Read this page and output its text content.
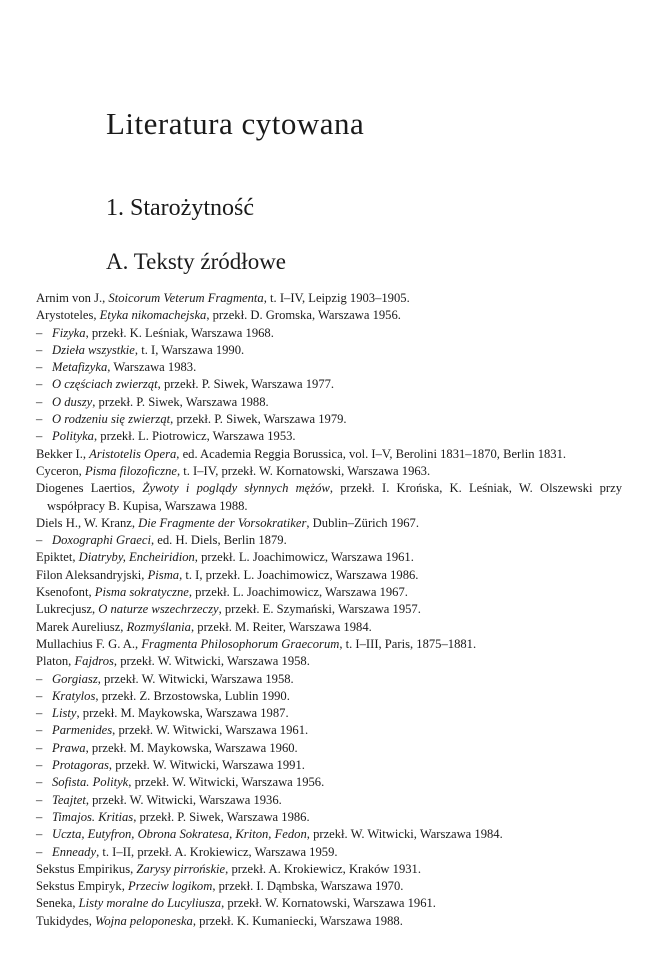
Literatura cytowana
1. Starożytność
A. Teksty źródłowe
Arnim von J., Stoicorum Veterum Fragmenta, t. I–IV, Leipzig 1903–1905.
Arystoteles, Etyka nikomachejska, przekł. D. Gromska, Warszawa 1956.
– Fizyka, przekł. K. Leśniak, Warszawa 1968.
– Dzieła wszystkie, t. I, Warszawa 1990.
– Metafizyka, Warszawa 1983.
– O częściach zwierząt, przekł. P. Siwek, Warszawa 1977.
– O duszy, przekł. P. Siwek, Warszawa 1988.
– O rodzeniu się zwierząt, przekł. P. Siwek, Warszawa 1979.
– Polityka, przekł. L. Piotrowicz, Warszawa 1953.
Bekker I., Aristotelis Opera, ed. Academia Reggia Borussica, vol. I–V, Berolini 1831–1870, Berlin 1831.
Cyceron, Pisma filozoficzne, t. I–IV, przekł. W. Kornatowski, Warszawa 1963.
Diogenes Laertios, Żywoty i poglądy słynnych mężów, przekł. I. Krońska, K. Leśniak, W. Olszewski przy współpracy B. Kupisa, Warszawa 1988.
Diels H., W. Kranz, Die Fragmente der Vorsokratiker, Dublin–Zürich 1967.
– Doxographi Graeci, ed. H. Diels, Berlin 1879.
Epiktet, Diatryby, Encheiridion, przekł. L. Joachimowicz, Warszawa 1961.
Filon Aleksandryjski, Pisma, t. I, przekł. L. Joachimowicz, Warszawa 1986.
Ksenofont, Pisma sokratyczne, przekł. L. Joachimowicz, Warszawa 1967.
Lukrecjusz, O naturze wszechrzeczy, przekł. E. Szymański, Warszawa 1957.
Marek Aureliusz, Rozmyślania, przekł. M. Reiter, Warszawa 1984.
Mullachius F. G. A., Fragmenta Philosophorum Graecorum, t. I–III, Paris, 1875–1881.
Platon, Fajdros, przekł. W. Witwicki, Warszawa 1958.
– Gorgiasz, przekł. W. Witwicki, Warszawa 1958.
– Kratylos, przekł. Z. Brzostowska, Lublin 1990.
– Listy, przekł. M. Maykowska, Warszawa 1987.
– Parmenides, przekł. W. Witwicki, Warszawa 1961.
– Prawa, przekł. M. Maykowska, Warszawa 1960.
– Protagoras, przekł. W. Witwicki, Warszawa 1991.
– Sofista. Polityk, przekł. W. Witwicki, Warszawa 1956.
– Teajtet, przekł. W. Witwicki, Warszawa 1936.
– Timajos. Kritias, przekł. P. Siwek, Warszawa 1986.
– Uczta, Eutyfron, Obrona Sokratesa, Kriton, Fedon, przekł. W. Witwicki, Warszawa 1984.
– Enneady, t. I–II, przekł. A. Krokiewicz, Warszawa 1959.
Sekstus Empirikus, Zarysy pirrońskie, przekł. A. Krokiewicz, Kraków 1931.
Sekstus Empiryk, Przeciw logikom, przekł. I. Dąmbska, Warszawa 1970.
Seneka, Listy moralne do Lucyliusza, przekł. W. Kornatowski, Warszawa 1961.
Tukidydes, Wojna peloponeska, przekł. K. Kumaniecki, Warszawa 1988.
